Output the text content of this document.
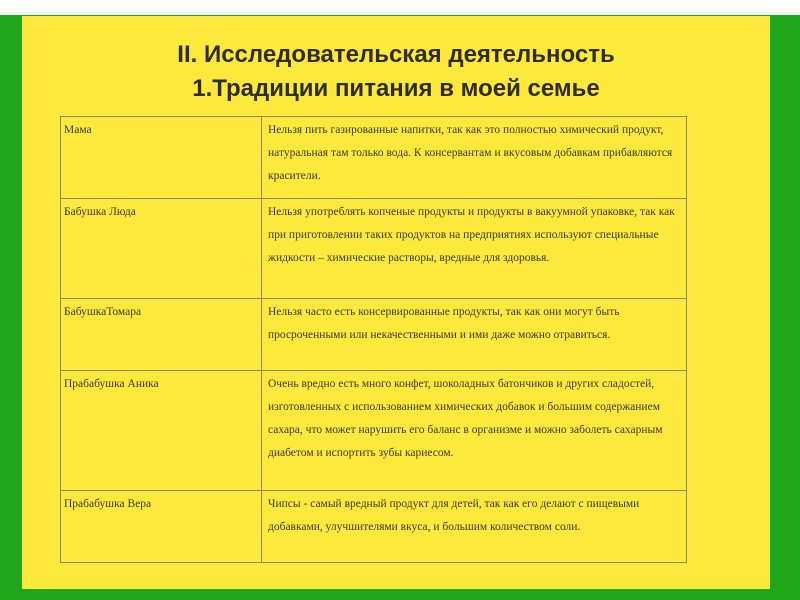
II. Исследовательская деятельность
1.Традиции питания в моей семье
Мама	Нельзя пить газированные напитки, так как это полностью химический продукт, натуральная там только вода. К консервантам и вкусовым добавкам прибавляются красители.
Бабушка Люда	Нельзя употреблять копченые продукты и продукты в вакуумной упаковке, так как при приготовлении таких продуктов на предприятиях используют специальные жидкости – химические растворы, вредные для здоровья.
БабушкаТомара	Нельзя часто есть консервированные продукты, так как они могут быть просроченными или некачественными и ими даже можно отравиться.
Прабабушка Аника	Очень вредно есть много конфет, шоколадных батончиков и других сладостей, изготовленных с использованием химических добавок и большим содержанием сахара, что может нарушить его баланс в организме и можно заболеть сахарным диабетом и испортить зубы кариесом.
Прабабушка Вера	Чипсы - самый вредный продукт для детей, так как его делают с пищевыми добавками, улучшителями вкуса, и большим количеством соли.
